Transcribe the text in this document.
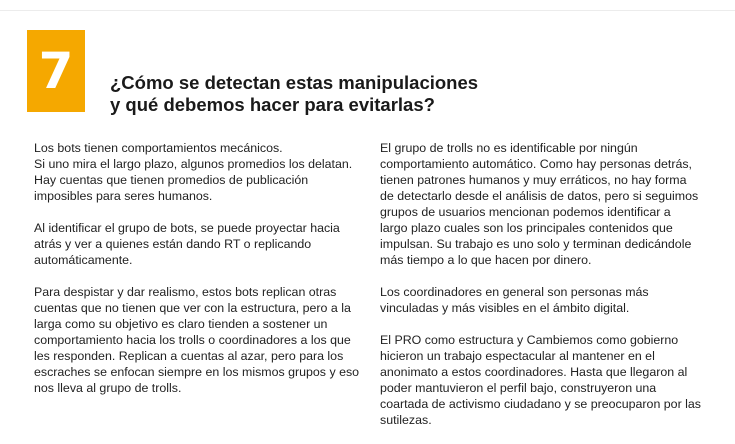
7 ¿Cómo se detectan estas manipulaciones
y qué debemos hacer para evitarlas?
Los bots tienen comportamientos mecánicos.
Si uno mira el largo plazo, algunos promedios los delatan.
Hay cuentas que tienen promedios de publicación
imposibles para seres humanos.
Al identificar el grupo de bots, se puede proyectar hacia
atrás y ver a quienes están dando RT o replicando
automáticamente.
Para despistar y dar realismo, estos bots replican otras
cuentas que no tienen que ver con la estructura, pero a la
larga como su objetivo es claro tienden a sostener un
comportamiento hacia los trolls o coordinadores a los que
les responden. Replican a cuentas al azar, pero para los
escraches se enfocan siempre en los mismos grupos y eso
nos lleva al grupo de trolls.
El grupo de trolls no es identificable por ningún
comportamiento automático. Como hay personas detrás,
tienen patrones humanos y muy erráticos, no hay forma
de detectarlo desde el análisis de datos, pero si seguimos
grupos de usuarios mencionan podemos identificar a
largo plazo cuales son los principales contenidos que
impulsan. Su trabajo es uno solo y terminan dedicándole
más tiempo a lo que hacen por dinero.
Los coordinadores en general son personas más
vinculadas y más visibles en el ámbito digital.
El PRO como estructura y Cambiemos como gobierno
hicieron un trabajo espectacular al mantener en el
anonimato a estos coordinadores. Hasta que llegaron al
poder mantuvieron el perfil bajo, construyeron una
coartada de activismo ciudadano y se preocuparon por las
sutilezas.
